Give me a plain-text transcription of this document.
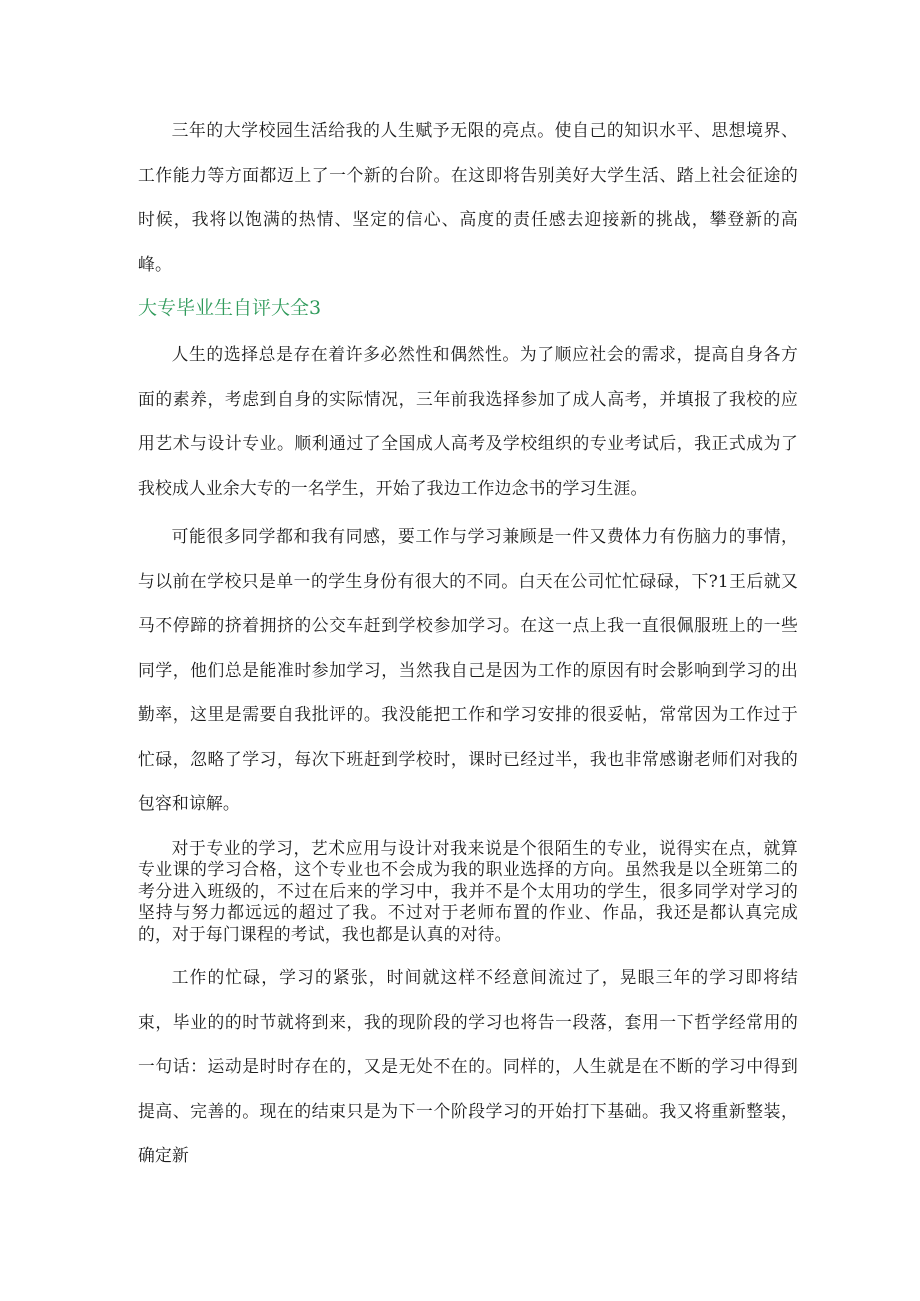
三年的大学校园生活给我的人生赋予无限的亮点。使自己的知识水平、思想境界、工作能力等方面都迈上了一个新的台阶。在这即将告别美好大学生活、踏上社会征途的时候，我将以饱满的热情、坚定的信心、高度的责任感去迎接新的挑战，攀登新的高峰。

大专毕业生自评大全3

人生的选择总是存在着许多必然性和偶然性。为了顺应社会的需求，提高自身各方面的素养，考虑到自身的实际情况，三年前我选择参加了成人高考，并填报了我校的应用艺术与设计专业。顺利通过了全国成人高考及学校组织的专业考试后，我正式成为了我校成人业余大专的一名学生，开始了我边工作边念书的学习生涯。

可能很多同学都和我有同感，要工作与学习兼顾是一件又费体力有伤脑力的事情，与以前在学校只是单一的学生身份有很大的不同。白天在公司忙忙碌碌，下?1王后就又马不停蹄的挤着拥挤的公交车赶到学校参加学习。在这一点上我一直很佩服班上的一些同学，他们总是能准时参加学习，当然我自己是因为工作的原因有时会影响到学习的出勤率，这里是需要自我批评的。我没能把工作和学习安排的很妥帖，常常因为工作过于忙碌，忽略了学习，每次下班赶到学校时，课时已经过半，我也非常感谢老师们对我的包容和谅解。

对于专业的学习，艺术应用与设计对我来说是个很陌生的专业，说得实在点，就算专业课的学习合格，这个专业也不会成为我的职业选择的方向。虽然我是以全班第二的考分进入班级的，不过在后来的学习中，我并不是个太用功的学生，很多同学对学习的坚持与努力都远远的超过了我。不过对于老师布置的作业、作品，我还是都认真完成的，对于每门课程的考试，我也都是认真的对待。

工作的忙碌，学习的紧张，时间就这样不经意间流过了，晃眼三年的学习即将结束，毕业的的时节就将到来，我的现阶段的学习也将告一段落，套用一下哲学经常用的一句话：运动是时时存在的，又是无处不在的。同样的，人生就是在不断的学习中得到提高、完善的。现在的结束只是为下一个阶段学习的开始打下基础。我又将重新整装，确定新
